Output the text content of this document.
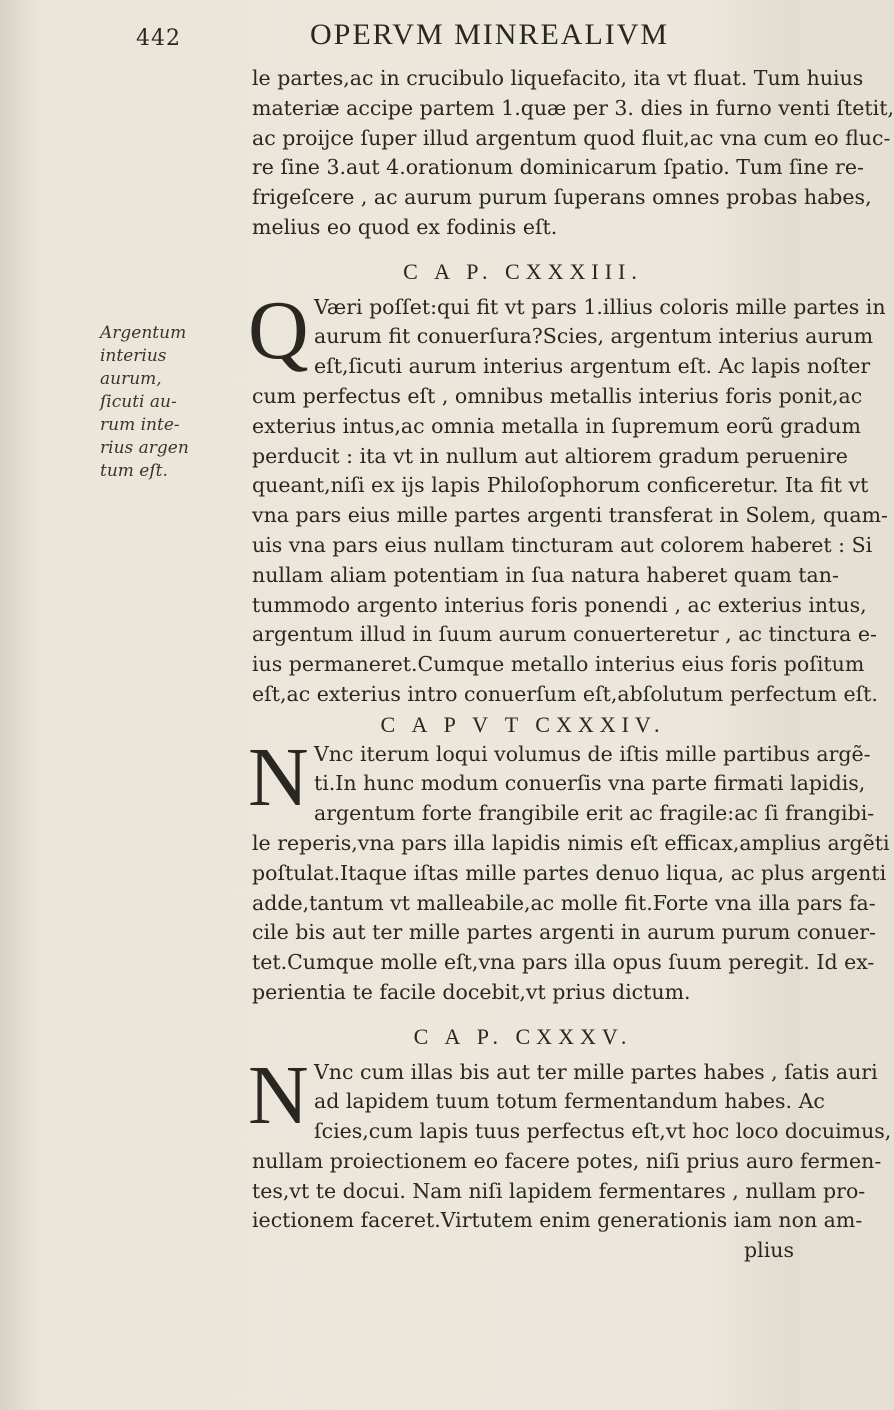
442	OPERVM MINREALIVM
Argentum
interius
aurum,
ſicuti au-
rum inte-
rius argen
tum eſt.
le partes,ac in crucibulo liquefacito, ita vt fluat. Tum huius
materiæ accipe partem 1.quæ per 3. dies in furno venti ſtetit,
ac proijce ſuper illud argentum quod fluit,ac vna cum eo fluc-
re ſine 3.aut 4.orationum dominicarum ſpatio. Tum ſine re-
frigeſcere , ac aurum purum ſuperans omnes probas habes,
melius eo quod ex fodinis eſt.
C A P. CXXXIII.
Q Væri poſſet:qui fit vt pars 1.illius coloris mille partes in
aurum fit conuerſura?Scies, argentum interius aurum
eſt,ſicuti aurum interius argentum eſt. Ac lapis noſter
cum perfectus eſt , omnibus metallis interius foris ponit,ac
exterius intus,ac omnia metalla in ſupremum eorũ gradum
perducit : ita vt in nullum aut altiorem gradum peruenire
queant,niſi ex ijs lapis Philoſophorum conficeretur. Ita fit vt
vna pars eius mille partes argenti transferat in Solem, quam-
uis vna pars eius nullam tincturam aut colorem haberet : Si
nullam aliam potentiam in ſua natura haberet quam tan-
tummodo argento interius foris ponendi , ac exterius intus,
argentum illud in ſuum aurum conuerteretur , ac tinctura e-
ius permaneret.Cumque metallo interius eius foris poſitum
eſt,ac exterius intro conuerſum eſt,abſolutum perfectum eſt.
C A P V T CXXXIV.
N Vnc iterum loqui volumus de iſtis mille partibus argẽ-
ti.In hunc modum conuerſis vna parte firmati lapidis,
argentum forte frangibile erit ac fragile:ac ſi frangibi-
le reperis,vna pars illa lapidis nimis eſt efficax,amplius argẽti
poſtulat.Itaque iſtas mille partes denuo liqua, ac plus argenti
adde,tantum vt malleabile,ac molle fit.Forte vna illa pars fa-
cile bis aut ter mille partes argenti in aurum purum conuer-
tet.Cumque molle eſt,vna pars illa opus ſuum peregit. Id ex-
perientia te facile docebit,vt prius dictum.
C A P. CXXXV.
N Vnc cum illas bis aut ter mille partes habes , ſatis auri
ad lapidem tuum totum fermentandum habes. Ac
ſcies,cum lapis tuus perfectus eſt,vt hoc loco docuimus,
nullam proiectionem eo facere potes, niſi prius auro fermen-
tes,vt te docui. Nam niſi lapidem fermentares , nullam pro-
iectionem faceret.Virtutem enim generationis iam non am-
plius
